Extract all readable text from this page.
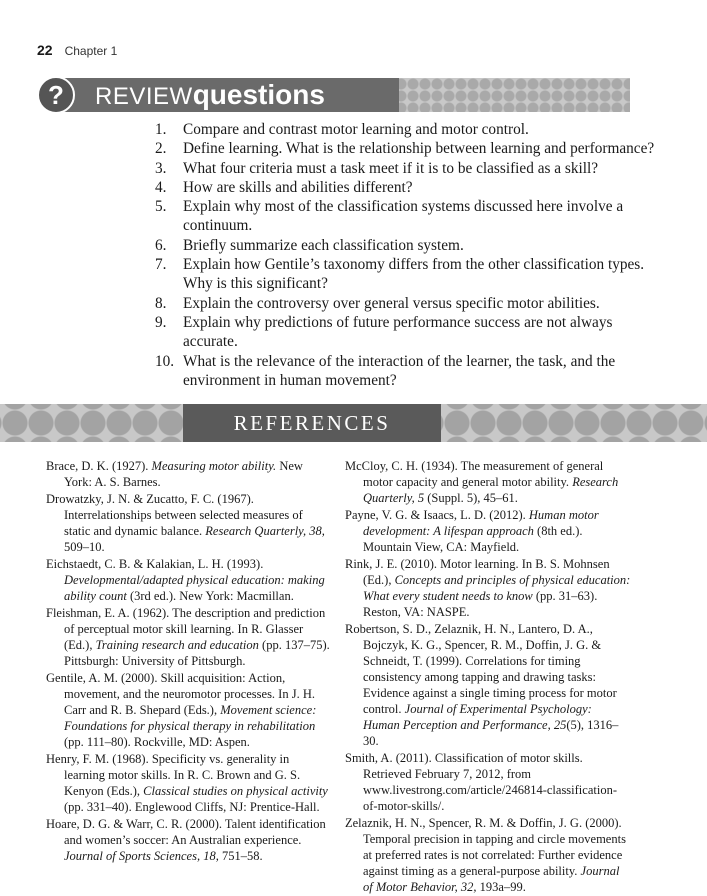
22 Chapter 1
? REVIEWquestions
1.	Compare and contrast motor learning and motor control.
2.	Define learning. What is the relationship between learning and performance?
3.	What four criteria must a task meet if it is to be classified as a skill?
4.	How are skills and abilities different?
5.	Explain why most of the classification systems discussed here involve a continuum.
6.	Briefly summarize each classification system.
7.	Explain how Gentile’s taxonomy differs from the other classification types. Why is this significant?
8.	Explain the controversy over general versus specific motor abilities.
9.	Explain why predictions of future performance success are not always accurate.
10. What is the relevance of the interaction of the learner, the task, and the environment in human movement?
REFERENCES
Brace, D. K. (1927). Measuring motor ability. New York: A. S. Barnes.
Drowatzky, J. N. & Zucatto, F. C. (1967). Interrelationships between selected measures of static and dynamic balance. Research Quarterly, 38, 509–10.
Eichstaedt, C. B. & Kalakian, L. H. (1993). Developmental/adapted physical education: making ability count (3rd ed.). New York: Macmillan.
Fleishman, E. A. (1962). The description and prediction of perceptual motor skill learning. In R. Glasser (Ed.), Training research and education (pp. 137–75). Pittsburgh: University of Pittsburgh.
Gentile, A. M. (2000). Skill acquisition: Action, movement, and the neuromotor processes. In J. H. Carr and R. B. Shepard (Eds.), Movement science: Foundations for physical therapy in rehabilitation (pp. 111–80). Rockville, MD: Aspen.
Henry, F. M. (1968). Specificity vs. generality in learning motor skills. In R. C. Brown and G. S. Kenyon (Eds.), Classical studies on physical activity (pp. 331–40). Englewood Cliffs, NJ: Prentice-Hall.
Hoare, D. G. & Warr, C. R. (2000). Talent identification and women’s soccer: An Australian experience. Journal of Sports Sciences, 18, 751–58.
McCloy, C. H. (1934). The measurement of general motor capacity and general motor ability. Research Quarterly, 5 (Suppl. 5), 45–61.
Payne, V. G. & Isaacs, L. D. (2012). Human motor development: A lifespan approach (8th ed.). Mountain View, CA: Mayfield.
Rink, J. E. (2010). Motor learning. In B. S. Mohnsen (Ed.), Concepts and principles of physical education: What every student needs to know (pp. 31–63). Reston, VA: NASPE.
Robertson, S. D., Zelaznik, H. N., Lantero, D. A., Bojczyk, K. G., Spencer, R. M., Doffin, J. G. & Schneidt, T. (1999). Correlations for timing consistency among tapping and drawing tasks: Evidence against a single timing process for motor control. Journal of Experimental Psychology: Human Perception and Performance, 25(5), 1316–30.
Smith, A. (2011). Classification of motor skills. Retrieved February 7, 2012, from www.livestrong.com/article/246814-classification-of-motor-skills/.
Zelaznik, H. N., Spencer, R. M. & Doffin, J. G. (2000). Temporal precision in tapping and circle movements at preferred rates is not correlated: Further evidence against timing as a general-purpose ability. Journal of Motor Behavior, 32, 193a–99.
